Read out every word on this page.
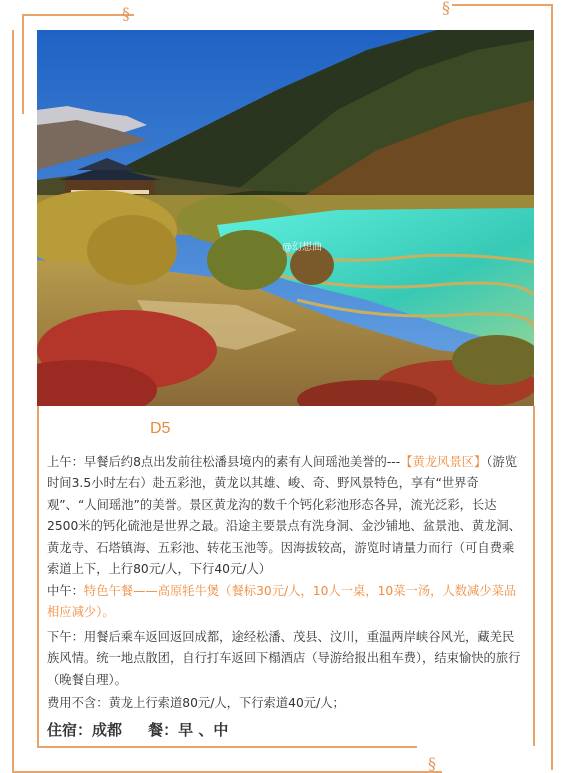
§	§
§
@幻想曲
D5
上午：早餐后约8点出发前往松潘县境内的素有人间瑶池美誉的---【黄龙风景区】（游览时间3.5小时左右）赴五彩池，黄龙以其雄、峻、奇、野风景特色，享有“世界奇观”、“人间瑶池”的美誉。景区黄龙沟的数千个钙化彩池形态各异，流光泛彩，长达2500米的钙化硫池是世界之最。沿途主要景点有洗身洞、金沙铺地、盆景池、黄龙洞、黄龙寺、石塔镇海、五彩池、转花玉池等。因海拔较高，游览时请量力而行（可自费乘索道上下，上行80元/人，下行40元/人）
中午：特色午餐——高原牦牛煲（餐标30元/人，10人一桌，10菜一汤，人数减少菜品相应减少）。
下午：用餐后乘车返回返回成都，途经松潘、茂县、汶川，重温两岸峡谷风光，藏羌民族风情。统一地点散团，自行打车返回下榻酒店（导游给报出租车费），结束愉快的旅行（晚餐自理）。
费用不含：黄龙上行索道80元/人，下行索道40元/人；
住宿：成都     餐：早 、中
